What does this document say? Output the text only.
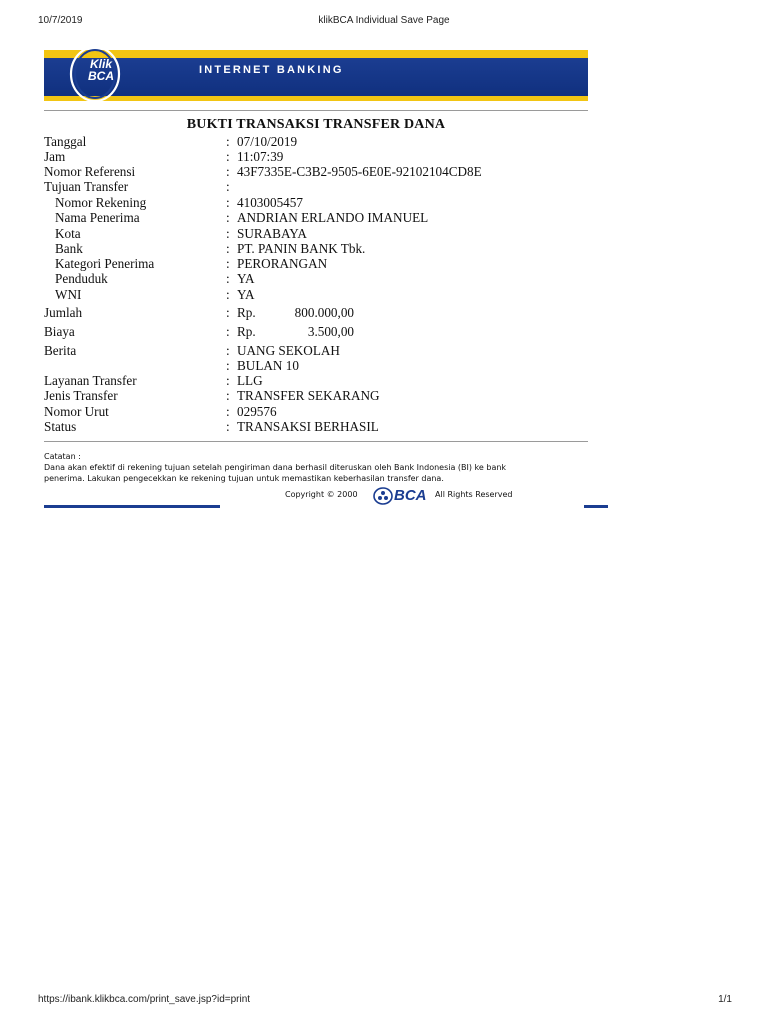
10/7/2019	klikBCA Individual Save Page
INTERNET BANKING
Klik
BCA
BUKTI TRANSAKSI TRANSFER DANA
Tanggal	: 07/10/2019
Jam	: 11:07:39
Nomor Referensi	: 43F7335E-C3B2-9505-6E0E-92102104CD8E
Tujuan Transfer	:
Nomor Rekening	: 4103005457
Nama Penerima	: ANDRIAN ERLANDO IMANUEL
Kota	: SURABAYA
Bank	: PT. PANIN BANK Tbk.
Kategori Penerima	: PERORANGAN
Penduduk	: YA
WNI	: YA
Jumlah	: Rp.	800.000,00
Biaya	: Rp.	3.500,00
Berita	: UANG SEKOLAH
: BULAN 10
Layanan Transfer	: LLG
Jenis Transfer	: TRANSFER SEKARANG
Nomor Urut	: 029576
Status	: TRANSAKSI BERHASIL
Catatan :
Dana akan efektif di rekening tujuan setelah pengiriman dana berhasil diteruskan oleh Bank Indonesia (BI) ke bank
penerima. Lakukan pengecekkan ke rekening tujuan untuk memastikan keberhasilan transfer dana.
Copyright © 2000 BCA All Rights Reserved
https://ibank.klikbca.com/print_save.jsp?id=print	1/1
